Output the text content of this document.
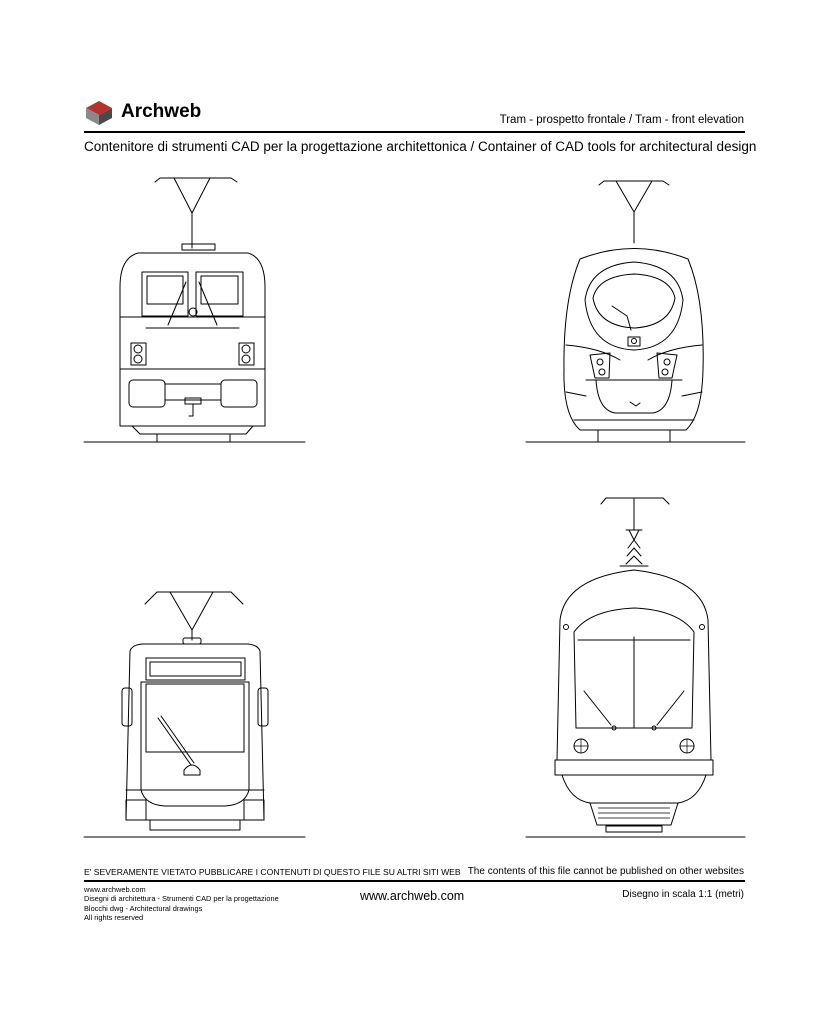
Archweb	Tram - prospetto frontale / Tram - front elevation
Contenitore di strumenti CAD per la progettazione architettonica / Container of CAD tools for architectural design
E' SEVERAMENTE VIETATO PUBBLICARE I CONTENUTI DI QUESTO FILE SU ALTRI SITI WEB The contents of this file cannot be published on other websites
www.archweb.com
Disegni di architettura - Strumenti CAD per la progettazione
Blocchi dwg - Architectural drawings
All rights reserved
www.archweb.com	Disegno in scala 1:1 (metri)
